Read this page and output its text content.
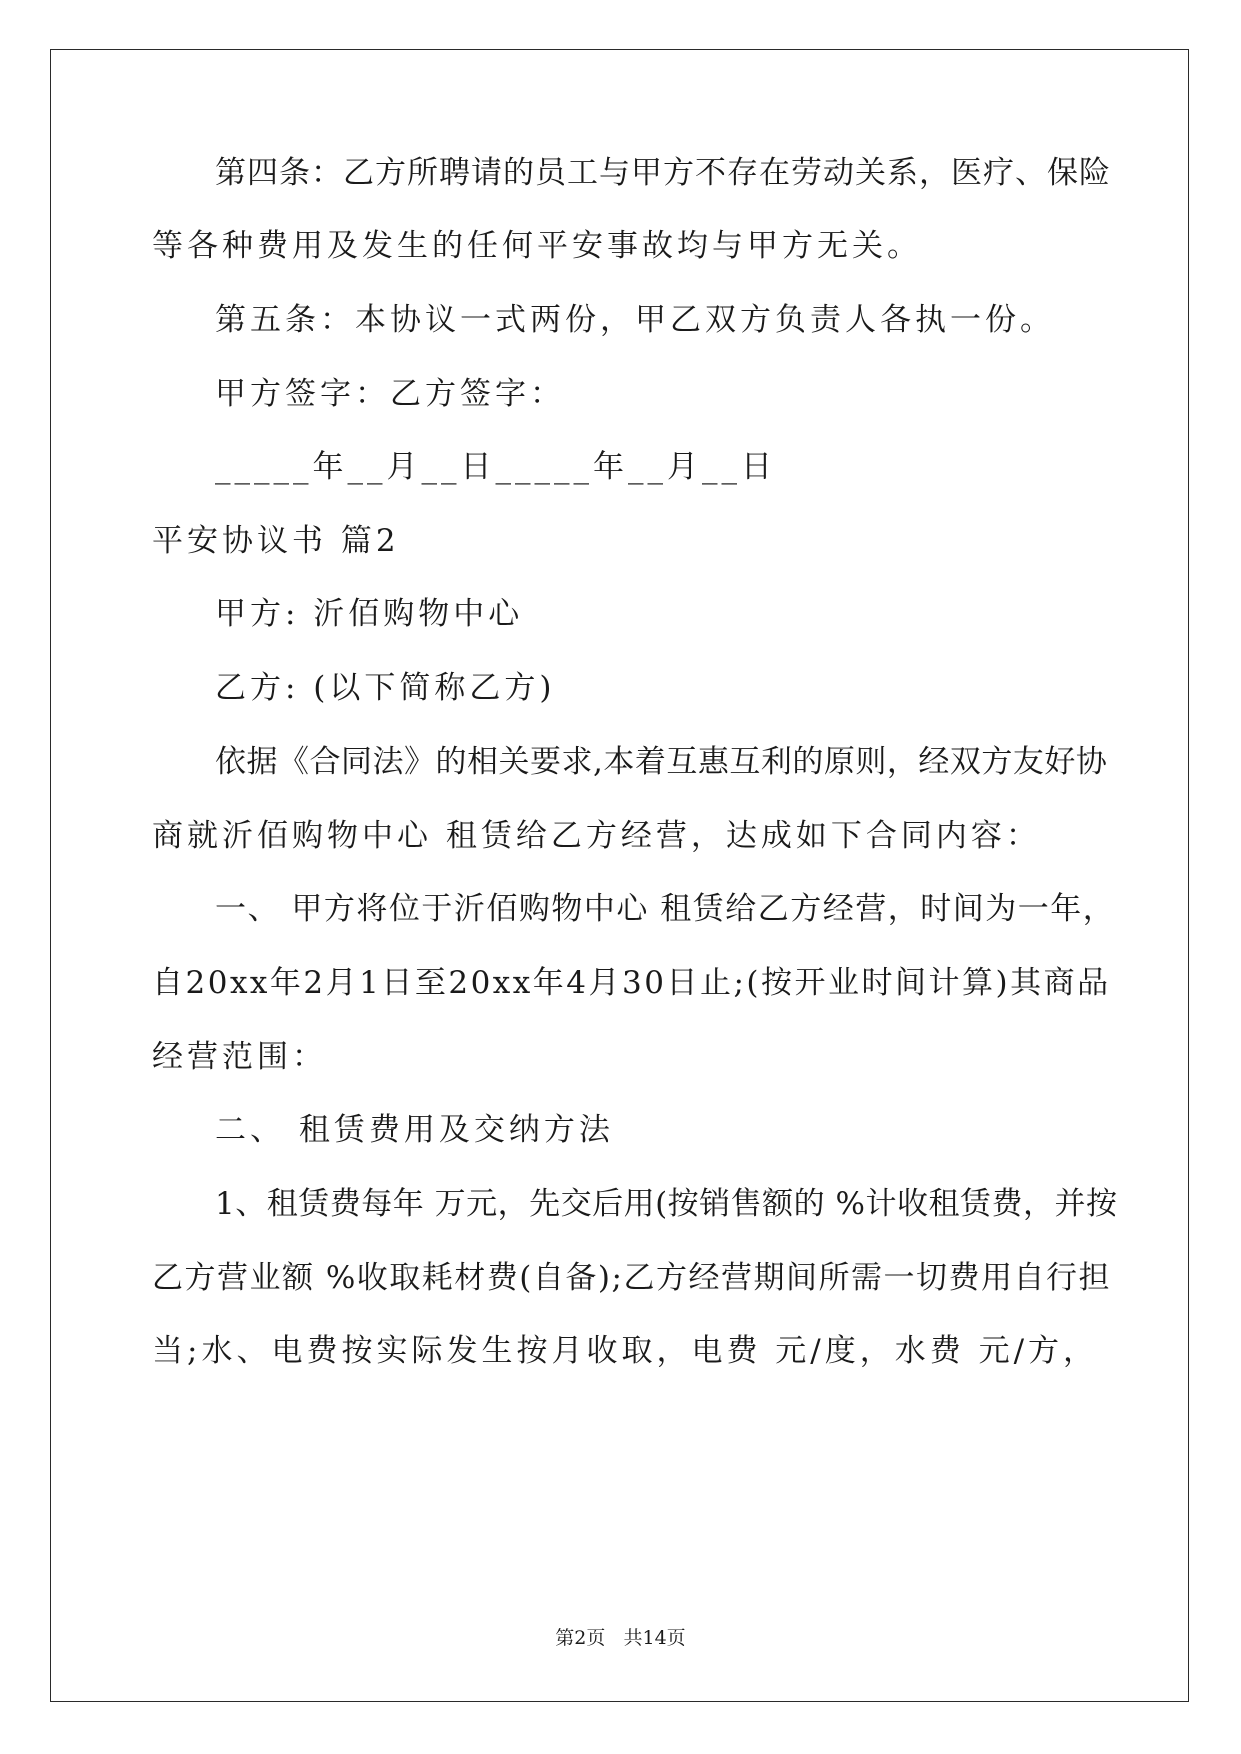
第四条：乙方所聘请的员工与甲方不存在劳动关系，医疗、保险
等各种费用及发生的任何平安事故均与甲方无关。
第五条：本协议一式两份，甲乙双方负责人各执一份。
甲方签字：乙方签字：
_____年__月__日_____年__月__日
平安协议书 篇2
甲方: 沂佰购物中心
乙方: (以下简称乙方)
依据《合同法》的相关要求,本着互惠互利的原则，经双方友好协
商就沂佰购物中心 租赁给乙方经营，达成如下合同内容：
一、 甲方将位于沂佰购物中心 租赁给乙方经营，时间为一年，
自20xx年2月1日至20xx年4月30日止;(按开业时间计算)其商品
经营范围：
二、 租赁费用及交纳方法
1、租赁费每年 万元，先交后用(按销售额的 %计收租赁费，并按
乙方营业额 %收取耗材费(自备);乙方经营期间所需一切费用自行担
当;水、电费按实际发生按月收取，电费 元/度，水费 元/方，
第2页   共14页
